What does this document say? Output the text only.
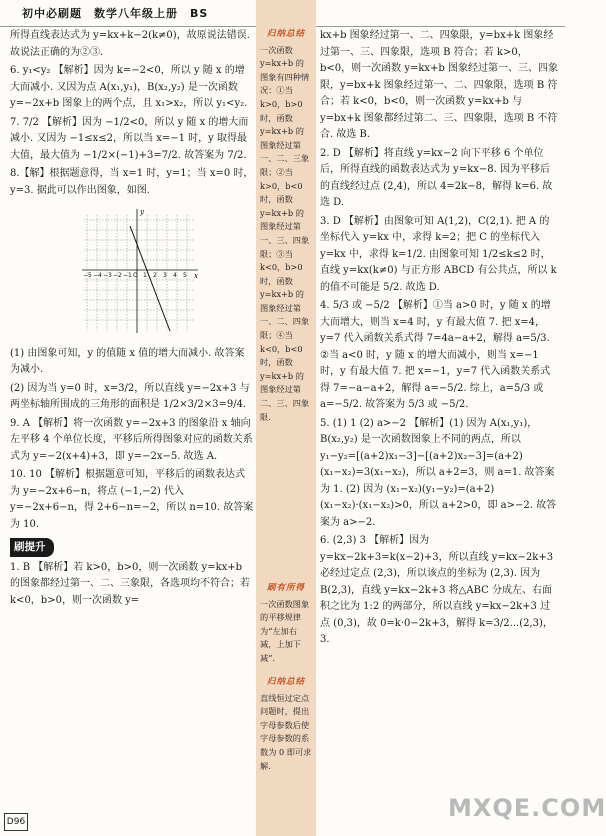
初中必刷题　数学八年级上册　BS

所得直线表达式为 y=kx+k−2(k≠0)，故原说法错误. 故说法正确的为②③.

6. y₁<y₂ 【解析】因为 k=−2<0，所以 y 随 x 的增大而减小. 又因为点 A(x₁,y₁)，B(x₂,y₂) 是一次函数 y=−2x+b 图象上的两个点，且 x₁>x₂，所以 y₁<y₂.

7. 7/2 【解析】因为 −1/2<0，所以 y 随 x 的增大而减小. 又因为 −1≤x≤2，所以当 x=−1 时，y 取得最大值，最大值为 −1/2×(−1)+3=7/2. 故答案为 7/2.

8.【解】根据题意得，当 x=1 时，y=1；当 x=0 时，y=3. 据此可以作出图象，如图.

−5 −4 −3 −2 −1 O 1 2 3 4 5 x
y

(1) 由图象可知，y 的值随 x 值的增大而减小. 故答案为减小.

(2) 因为当 y=0 时，x=3/2，所以直线 y=−2x+3 与两坐标轴所围成的三角形的面积是 1/2×3/2×3=9/4.

9. A 【解析】将一次函数 y=−2x+3 的图象沿 x 轴向左平移 4 个单位长度，平移后所得图象对应的函数关系式为 y=−2(x+4)+3，即 y=−2x−5. 故选 A.

10. 10 【解析】根据题意可知，平移后的函数表达式为 y=−2x+6−n，将点 (−1,−2) 代入 y=−2x+6−n，得 2+6−n=−2，所以 n=10. 故答案为 10.

刷提升

1. B 【解析】若 k>0，b>0，则一次函数 y=kx+b 的图象都经过第一、二、三象限，各选项均不符合；若 k<0，b>0，则一次函数 y=

归纳总结
一次函数 y=kx+b 的图象有四种情况：①当 k>0，b>0 时，函数 y=kx+b 的图象经过第一、二、三象限；②当 k>0，b<0 时，函数 y=kx+b 的图象经过第一、三、四象限；③当 k<0，b>0 时，函数 y=kx+b 的图象经过第一、二、四象限；④当 k<0，b<0 时，函数 y=kx+b 的图象经过第二、三、四象限.
刷有所得
一次函数图象的平移规律为“左加右减，上加下减”.
归纳总结
直线恒过定点问题时，提出字母参数后使字母参数的系数为 0 即可求解.

kx+b 图象经过第一、二、四象限，y=bx+k 图象经过第一、三、四象限，选项 B 符合；若 k>0，b<0，则一次函数 y=kx+b 图象经过第一、三、四象限，y=bx+k 图象经过第一、二、四象限，选项 B 符合；若 k<0，b<0，则一次函数 y=kx+b 与 y=bx+k 图象都经过第二、三、四象限，选项 B 不符合. 故选 B.

2. D 【解析】将直线 y=kx−2 向下平移 6 个单位后，所得直线的函数表达式为 y=kx−8. 因为平移后的直线经过点 (2,4)，所以 4=2k−8，解得 k=6. 故选 D.

3. D 【解析】由图象可知 A(1,2)，C(2,1). 把 A 的坐标代入 y=kx 中，求得 k=2；把 C 的坐标代入 y=kx 中，求得 k=1/2. 由图象可知 1/2≤k≤2 时，直线 y=kx(k≠0) 与正方形 ABCD 有公共点，所以 k 的值不可能是 5/2. 故选 D.

4. 5/3 或 −5/2 【解析】①当 a>0 时，y 随 x 的增大而增大，则当 x=4 时，y 有最大值 7. 把 x=4，y=7 代入函数关系式得 7=4a−a+2，解得 a=5/3. ②当 a<0 时，y 随 x 的增大而减小，则当 x=−1 时，y 有最大值 7. 把 x=−1，y=7 代入函数关系式得 7=−a−a+2，解得 a=−5/2. 综上，a=5/3 或 a=−5/2. 故答案为 5/3 或 −5/2.

5. (1) 1 (2) a>−2 【解析】(1) 因为 A(x₁,y₁)，B(x₂,y₂) 是一次函数图象上不同的两点，所以 y₁−y₂=[(a+2)x₁−3]−[(a+2)x₂−3]=(a+2)(x₁−x₂)=3(x₁−x₂)，所以 a+2=3，则 a=1. 故答案为 1. (2) 因为 (x₁−x₂)(y₁−y₂)=(a+2)(x₁−x₂)·(x₁−x₂)>0，所以 a+2>0，即 a>−2. 故答案为 a>−2.

6. (2,3) 3 【解析】因为 y=kx−2k+3=k(x−2)+3，所以直线 y=kx−2k+3 必经过定点 (2,3)，所以该点的坐标为 (2,3). 因为 B(2,3)，直线 y=kx−2k+3 将△ABC 分成左、右面积之比为 1:2 的两部分，所以直线 y=kx−2k+3 过点 (0,3)，故 0=k·0−2k+3，解得 k=3/2...(2,3)，3.

D96	MXQE.COM
